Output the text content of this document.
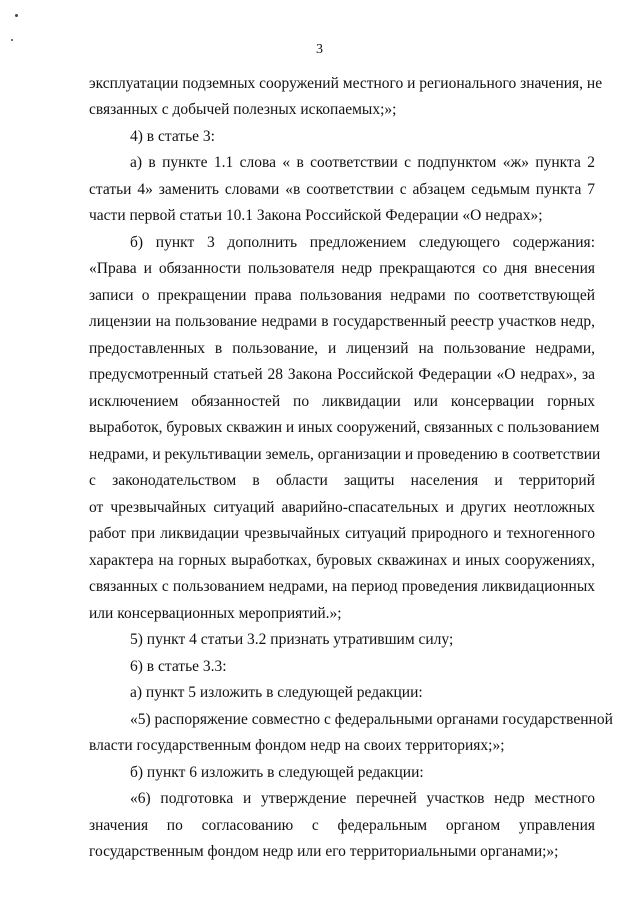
3
эксплуатации подземных сооружений местного и регионального значения, не
связанных с добычей полезных ископаемых;»;
4) в статье 3:
а) в пункте 1.1 слова « в соответствии с подпунктом «ж» пункта 2
статьи 4» заменить словами «в соответствии с абзацем седьмым пункта 7
части первой статьи 10.1 Закона Российской Федерации «О недрах»;
б) пункт 3 дополнить предложением следующего содержания:
«Права и обязанности пользователя недр прекращаются со дня внесения
записи о прекращении права пользования недрами по соответствующей
лицензии на пользование недрами в государственный реестр участков недр,
предоставленных в пользование, и лицензий на пользование недрами,
предусмотренный статьей 28 Закона Российской Федерации «О недрах», за
исключением обязанностей по ликвидации или консервации горных
выработок, буровых скважин и иных сооружений, связанных с пользованием
недрами, и рекультивации земель, организации и проведению в соответствии
с законодательством в области защиты населения и территорий
от чрезвычайных ситуаций аварийно-спасательных и других неотложных
работ при ликвидации чрезвычайных ситуаций природного и техногенного
характера на горных выработках, буровых скважинах и иных сооружениях,
связанных с пользованием недрами, на период проведения ликвидационных
или консервационных мероприятий.»;
5) пункт 4 статьи 3.2 признать утратившим силу;
6) в статье 3.3:
а) пункт 5 изложить в следующей редакции:
«5) распоряжение совместно с федеральными органами государственной
власти государственным фондом недр на своих территориях;»;
б) пункт 6 изложить в следующей редакции:
«6) подготовка и утверждение перечней участков недр местного
значения по согласованию с федеральным органом управления
государственным фондом недр или его территориальными органами;»;
